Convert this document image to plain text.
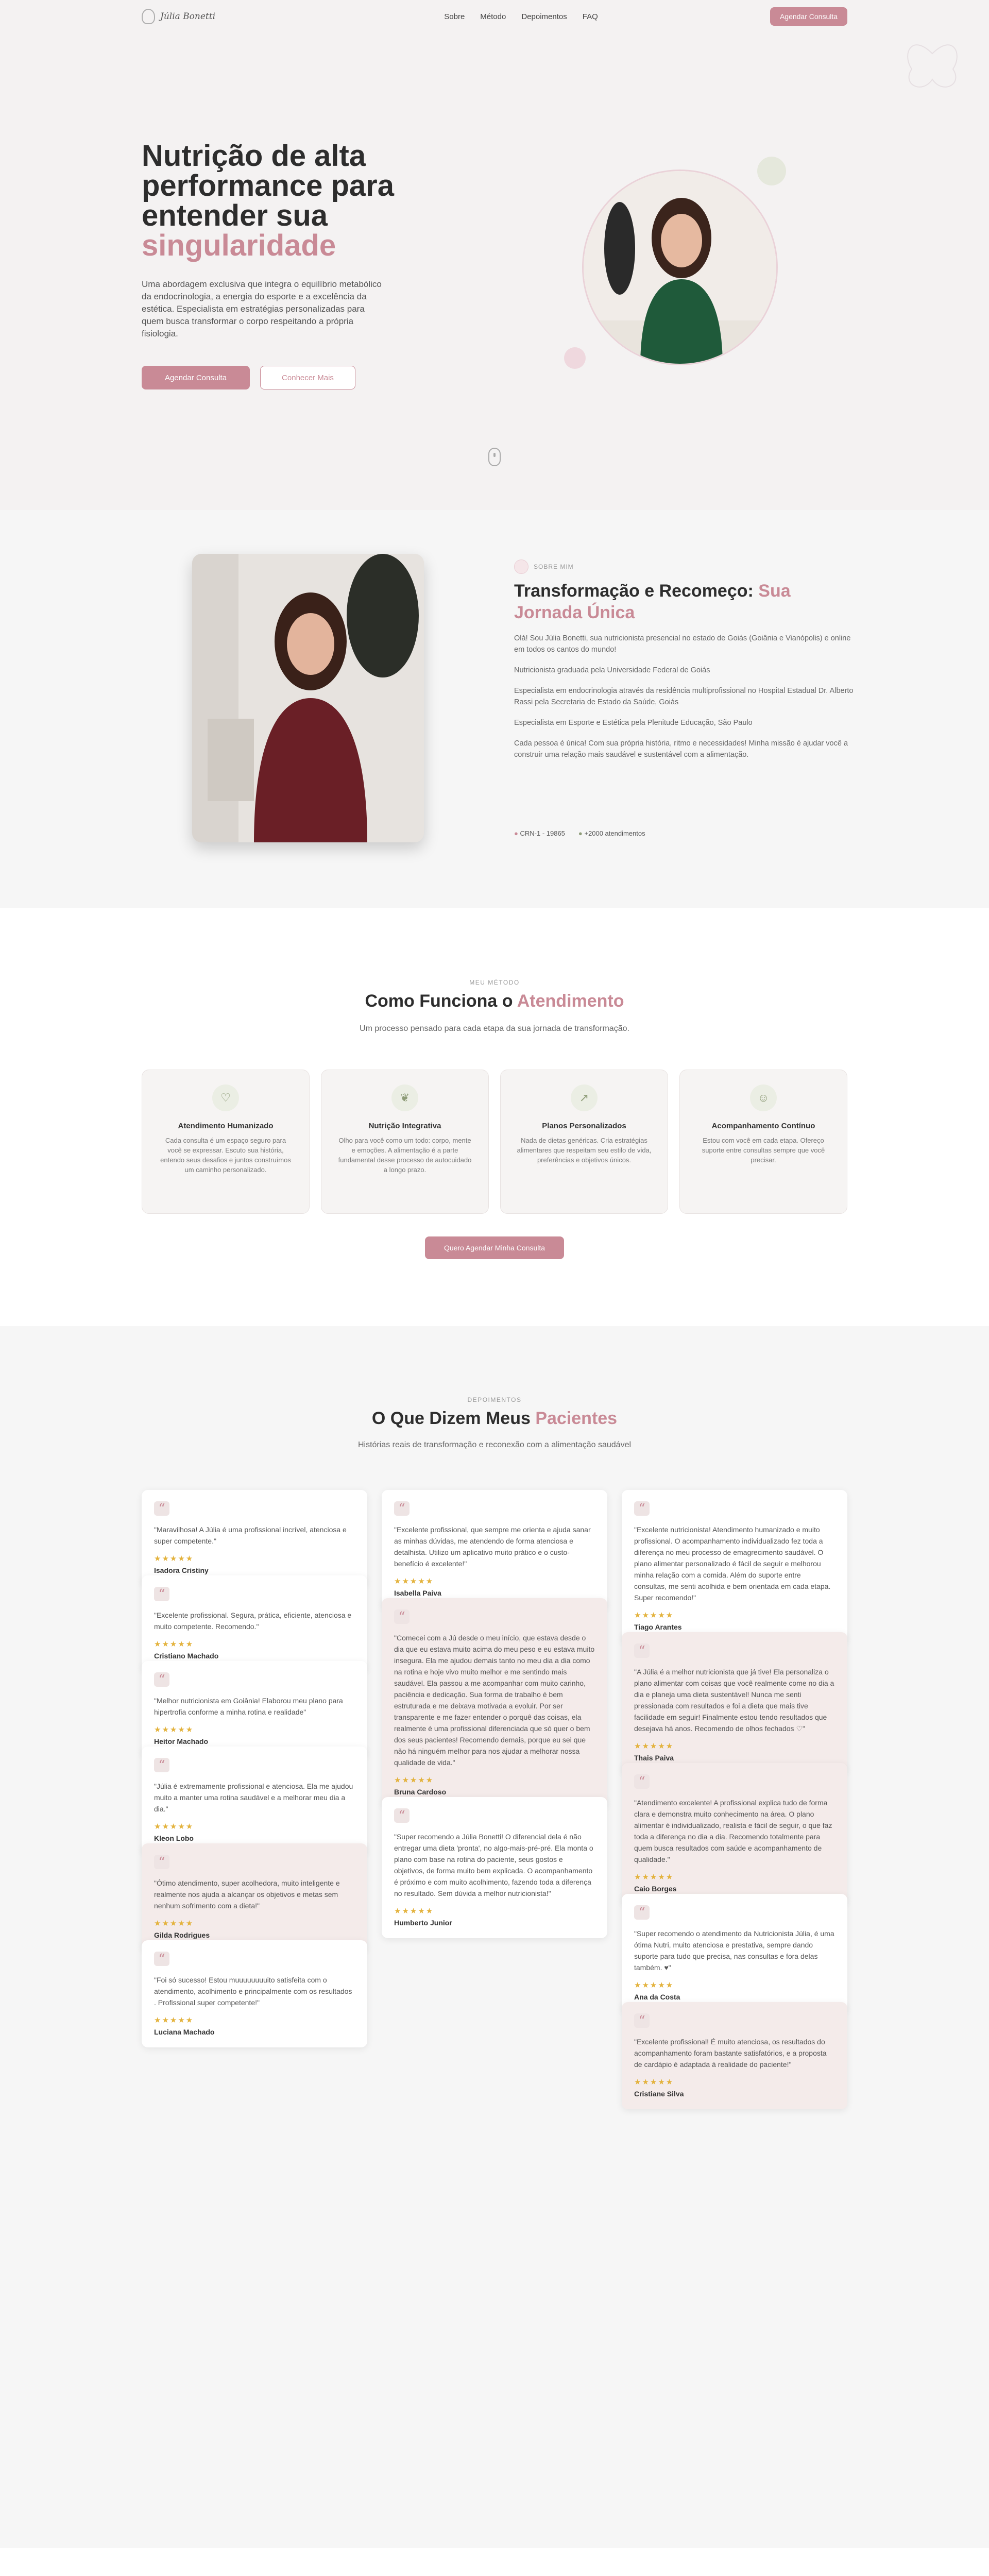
Júlia Bonetti	Sobre Método Depoimentos FAQ	Agendar Consulta
Nutrição de alta
performance para
entender sua
singularidade

Uma abordagem exclusiva que integra o equilíbrio metabólico da endocrinologia, a energia do esporte e a excelência da estética. Especialista em estratégias personalizadas para quem busca transformar o corpo respeitando a própria fisiologia.

Agendar Consulta	Conhecer Mais
SOBRE MIM
Transformação e Recomeço: Sua Jornada Única

Olá! Sou Júlia Bonetti, sua nutricionista presencial no estado de Goiás (Goiânia e Vianópolis) e online em todos os cantos do mundo!

Nutricionista graduada pela Universidade Federal de Goiás

Especialista em endocrinologia através da residência multiprofissional no Hospital Estadual Dr. Alberto Rassi pela Secretaria de Estado da Saúde, Goiás

Especialista em Esporte e Estética pela Plenitude Educação, São Paulo

Cada pessoa é única! Com sua própria história, ritmo e necessidades! Minha missão é ajudar você a construir uma relação mais saudável e sustentável com a alimentação.

● CRN-1 - 19865 ● +2000 atendimentos
MEU MÉTODO
Como Funciona o Atendimento

Um processo pensado para cada etapa da sua jornada de transformação.

♡
Atendimento Humanizado

Cada consulta é um espaço seguro para você se expressar. Escuto sua história, entendo seus desafios e juntos construímos um caminho personalizado.

❦
Nutrição Integrativa

Olho para você como um todo: corpo, mente e emoções. A alimentação é a parte fundamental desse processo de autocuidado a longo prazo.

↗
Planos Personalizados

Nada de dietas genéricas. Cria estratégias alimentares que respeitam seu estilo de vida, preferências e objetivos únicos.

☺
Acompanhamento Contínuo

Estou com você em cada etapa. Ofereço suporte entre consultas sempre que você precisar.

Quero Agendar Minha Consulta
DEPOIMENTOS
O Que Dizem Meus Pacientes

Histórias reais de transformação e reconexão com a alimentação saudável

“
"Maravilhosa! A Júlia é uma profissional incrível, atenciosa e super competente."
★★★★★
Isadora Cristiny
“
"Excelente profissional. Segura, prática, eficiente, atenciosa e muito competente. Recomendo."
★★★★★
Cristiano Machado
“
"Melhor nutricionista em Goiânia! Elaborou meu plano para hipertrofia conforme a minha rotina e realidade"
★★★★★
Heitor Machado
“
"Júlia é extremamente profissional e atenciosa. Ela me ajudou muito a manter uma rotina saudável e a melhorar meu dia a dia."
★★★★★
Kleon Lobo
“
"Ótimo atendimento, super acolhedora, muito inteligente e realmente nos ajuda a alcançar os objetivos e metas sem nenhum sofrimento com a dieta!"
★★★★★
Gilda Rodrigues
“
"Foi só sucesso! Estou muuuuuuuuito satisfeita com o atendimento, acolhimento e principalmente com os resultados . Profissional super competente!"
★★★★★
Luciana Machado
“
"Excelente profissional, que sempre me orienta e ajuda sanar as minhas dúvidas, me atendendo de forma atenciosa e detalhista. Utilizo um aplicativo muito prático e o custo-benefício é excelente!"
★★★★★
Isabella Paiva
“
"Comecei com a Jú desde o meu início, que estava desde o dia que eu estava muito acima do meu peso e eu estava muito insegura. Ela me ajudou demais tanto no meu dia a dia como na rotina e hoje vivo muito melhor e me sentindo mais saudável. Ela passou a me acompanhar com muito carinho, paciência e dedicação. Sua forma de trabalho é bem estruturada e me deixava motivada a evoluir. Por ser transparente e me fazer entender o porquê das coisas, ela realmente é uma profissional diferenciada que só quer o bem dos seus pacientes! Recomendo demais, porque eu sei que não há ninguém melhor para nos ajudar a melhorar nossa qualidade de vida."
★★★★★
Bruna Cardoso
“
"Super recomendo a Júlia Bonetti! O diferencial dela é não entregar uma dieta 'pronta', no algo-mais-pré-pré. Ela monta o plano com base na rotina do paciente, seus gostos e objetivos, de forma muito bem explicada. O acompanhamento é próximo e com muito acolhimento, fazendo toda a diferença no resultado. Sem dúvida a melhor nutricionista!"
★★★★★
Humberto Junior
“
"Excelente nutricionista! Atendimento humanizado e muito profissional. O acompanhamento individualizado fez toda a diferença no meu processo de emagrecimento saudável. O plano alimentar personalizado é fácil de seguir e melhorou minha relação com a comida. Além do suporte entre consultas, me senti acolhida e bem orientada em cada etapa. Super recomendo!"
★★★★★
Tiago Arantes
“
"A Júlia é a melhor nutricionista que já tive! Ela personaliza o plano alimentar com coisas que você realmente come no dia a dia e planeja uma dieta sustentável! Nunca me senti pressionada com resultados e foi a dieta que mais tive facilidade em seguir! Finalmente estou tendo resultados que desejava há anos. Recomendo de olhos fechados ♡"
★★★★★
Thais Paiva
“
"Atendimento excelente! A profissional explica tudo de forma clara e demonstra muito conhecimento na área. O plano alimentar é individualizado, realista e fácil de seguir, o que faz toda a diferença no dia a dia. Recomendo totalmente para quem busca resultados com saúde e acompanhamento de qualidade."
★★★★★
Caio Borges
“
"Super recomendo o atendimento da Nutricionista Júlia, é uma ótima Nutri, muito atenciosa e prestativa, sempre dando suporte para tudo que precisa, nas consultas e fora delas também. ♥"
★★★★★
Ana da Costa
“
"Excelente profissional! É muito atenciosa, os resultados do acompanhamento foram bastante satisfatórios, e a proposta de cardápio é adaptada à realidade do paciente!"
★★★★★
Cristiane Silva
